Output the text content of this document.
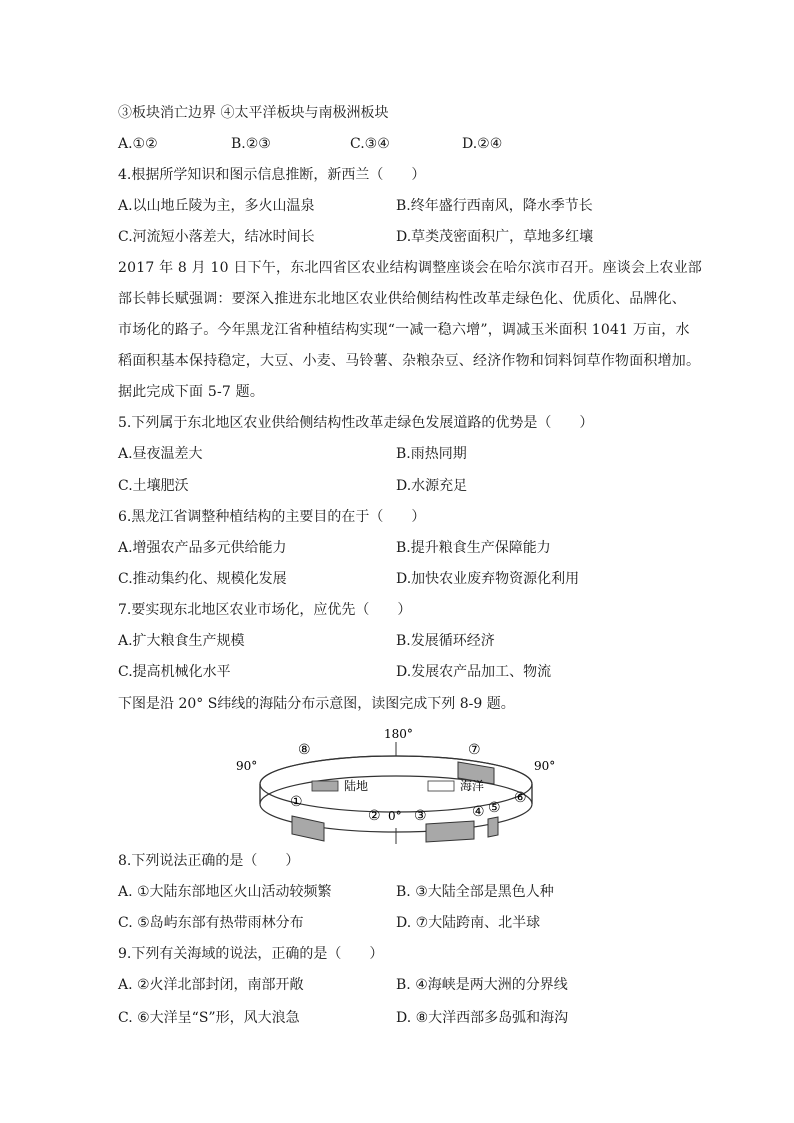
③板块消亡边界 ④太平洋板块与南极洲板块
A.①②	B.②③	C.③④	D.②④
4.根据所学知识和图示信息推断，新西兰（　　）
A.以山地丘陵为主，多火山温泉	B.终年盛行西南风，降水季节长
C.河流短小落差大，结冰时间长	D.草类茂密面积广，草地多红壤
2017 年 8 月 10 日下午，东北四省区农业结构调整座谈会在哈尔滨市召开。座谈会上农业部
部长韩长赋强调：要深入推进东北地区农业供给侧结构性改革走绿色化、优质化、品牌化、
市场化的路子。今年黑龙江省种植结构实现“一减一稳六增”，调减玉米面积 1041 万亩，水
稻面积基本保持稳定，大豆、小麦、马铃薯、杂粮杂豆、经济作物和饲料饲草作物面积增加。
据此完成下面 5-7 题。
5.下列属于东北地区农业供给侧结构性改革走绿色发展道路的优势是（　　）
A.昼夜温差大	B.雨热同期
C.土壤肥沃	D.水源充足
6.黑龙江省调整种植结构的主要目的在于（　　）
A.增强农产品多元供给能力	B.提升粮食生产保障能力
C.推动集约化、规模化发展	D.加快农业废弃物资源化利用
7.要实现东北地区农业市场化，应优先（　　）
A.扩大粮食生产规模	B.发展循环经济
C.提高机械化水平	D.发展农产品加工、物流
下图是沿 20° S纬线的海陆分布示意图，读图完成下列 8-9 题。
陆地	海洋
180°
90°	90°
0°
①
② ③	④ ⑤
⑥
⑦
⑧
8.下列说法正确的是（　　）
A. ①大陆东部地区火山活动较频繁	B. ③大陆全部是黑色人种
C. ⑤岛屿东部有热带雨林分布	D. ⑦大陆跨南、北半球
9.下列有关海域的说法，正确的是（　　）
A. ②火洋北部封闭，南部开敞	B. ④海峡是两大洲的分界线
C. ⑥大洋呈“S”形，风大浪急	D. ⑧大洋西部多岛弧和海沟
